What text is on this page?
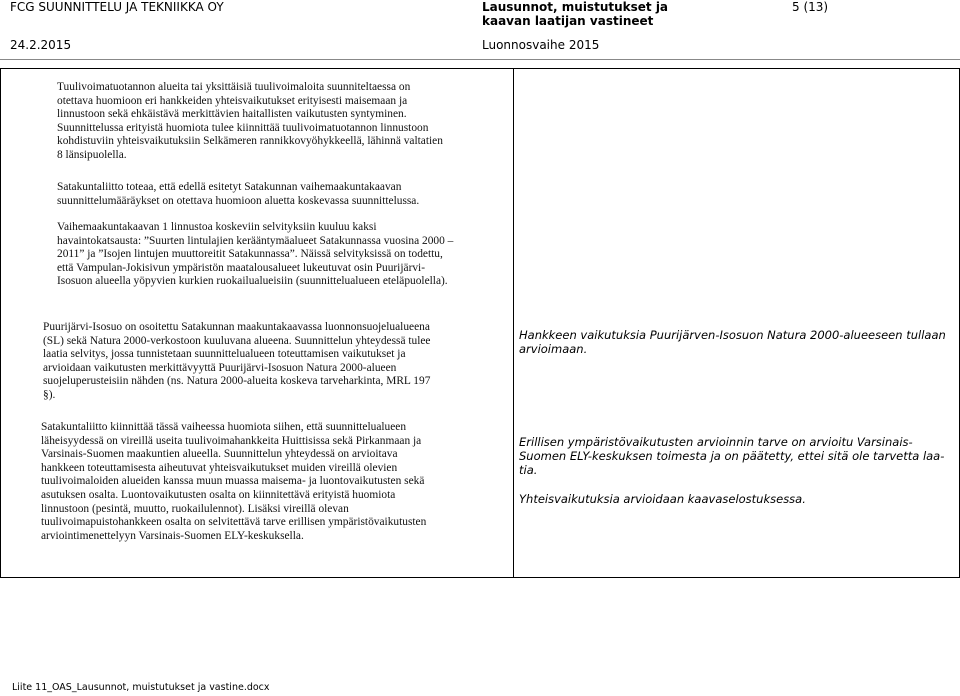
FCG SUUNNITTELU JA TEKNIIKKA OY	Lausunnot, muistutukset ja
kaavan laatijan vastineet
5 (13)
24.2.2015	Luonnosvaihe 2015
Tuulivoimatuotannon alueita tai yksittäisiä tuulivoimaloita suunniteltaessa on
otettava huomioon eri hankkeiden yhteisvaikutukset erityisesti maisemaan ja
linnustoon sekä ehkäistävä merkittävien haitallisten vaikutusten syntyminen.
Suunnittelussa erityistä huomiota tulee kiinnittää tuulivoimatuotannon linnustoon
kohdistuviin yhteisvaikutuksiin Selkämeren rannikkovyöhykkeellä, lähinnä valtatien
8 länsipuolella.
Satakuntaliitto toteaa, että edellä esitetyt Satakunnan vaihemaakuntakaavan
suunnittelumääräykset on otettava huomioon aluetta koskevassa suunnittelussa.
Vaihemaakuntakaavan 1 linnustoa koskeviin selvityksiin kuuluu kaksi
havaintokatsausta: ”Suurten lintulajien kerääntymäalueet Satakunnassa vuosina 2000 –
2011” ja ”Isojen lintujen muuttoreitit Satakunnassa”. Näissä selvityksissä on todettu,
että Vampulan-Jokisivun ympäristön maatalousalueet lukeutuvat osin Puurijärvi-
Isosuon alueella yöpyvien kurkien ruokailualueisiin (suunnittelualueen eteläpuolella).
Puurijärvi-Isosuo on osoitettu Satakunnan maakuntakaavassa luonnonsuojelualueena
(SL) sekä Natura 2000-verkostoon kuuluvana alueena. Suunnittelun yhteydessä tulee
laatia selvitys, jossa tunnistetaan suunnittelualueen toteuttamisen vaikutukset ja
arvioidaan vaikutusten merkittävyyttä Puurijärvi-Isosuon Natura 2000-alueen
suojeluperusteisiin nähden (ns. Natura 2000-alueita koskeva tarveharkinta, MRL 197
§).
Satakuntaliitto kiinnittää tässä vaiheessa huomiota siihen, että suunnittelualueen
läheisyydessä on vireillä useita tuulivoimahankkeita Huittisissa sekä Pirkanmaan ja
Varsinais-Suomen maakuntien alueella. Suunnittelun yhteydessä on arvioitava
hankkeen toteuttamisesta aiheutuvat yhteisvaikutukset muiden vireillä olevien
tuulivoimaloiden alueiden kanssa muun muassa maisema- ja luontovaikutusten sekä
asutuksen osalta. Luontovaikutusten osalta on kiinnitettävä erityistä huomiota
linnustoon (pesintä, muutto, ruokailulennot). Lisäksi vireillä olevan
tuulivoimapuistohankkeen osalta on selvitettävä tarve erillisen ympäristövaikutusten
arviointimenettelyyn Varsinais-Suomen ELY-keskuksella.
Hankkeen vaikutuksia Puurijärven-Isosuon Natura 2000-alueeseen tullaan
arvioimaan.
Erillisen ympäristövaikutusten arvioinnin tarve on arvioitu Varsinais-
Suomen ELY-keskuksen toimesta ja on päätetty, ettei sitä ole tarvetta laa-
tia.
Yhteisvaikutuksia arvioidaan kaavaselostuksessa.
Liite 11_OAS_Lausunnot, muistutukset ja vastine.docx
